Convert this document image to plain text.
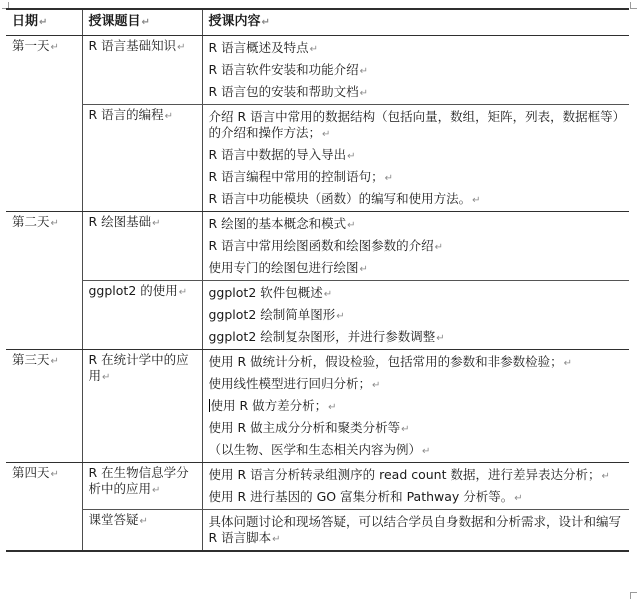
日期↵	授课题目↵	授课内容↵
第一天↵	R 语言基础知识↵	R 语言概述及特点↵
R 语言软件安装和功能介绍↵
R 语言包的安装和帮助文档↵

	R 语言的编程↵	介绍 R 语言中常用的数据结构（包括向量，数组，矩阵，列表，数据框等）的介绍和操作方法；↵
R 语言中数据的导入导出↵
R 语言编程中常用的控制语句；↵
R 语言中功能模块（函数）的编写和使用方法。↵

第二天↵	R 绘图基础↵	R 绘图的基本概念和模式↵
R 语言中常用绘图函数和绘图参数的介绍↵
使用专门的绘图包进行绘图↵

	ggplot2 的使用↵	ggplot2 软件包概述↵
ggplot2 绘制简单图形↵
ggplot2 绘制复杂图形，并进行参数调整↵

第三天↵	R 在统计学中的应用↵	使用 R 做统计分析，假设检验，包括常用的参数和非参数检验；↵
使用线性模型进行回归分析；↵
使用 R 做方差分析；↵
使用 R 做主成分分析和聚类分析等↵
（以生物、医学和生态相关内容为例）↵

第四天↵	R 在生物信息学分析中的应用↵	使用 R 语言分析转录组测序的 read count 数据，进行差异表达分析；↵
使用 R 进行基因的 GO 富集分析和 Pathway 分析等。↵

	课堂答疑↵	具体问题讨论和现场答疑，可以结合学员自身数据和分析需求，设计和编写 R 语言脚本↵
